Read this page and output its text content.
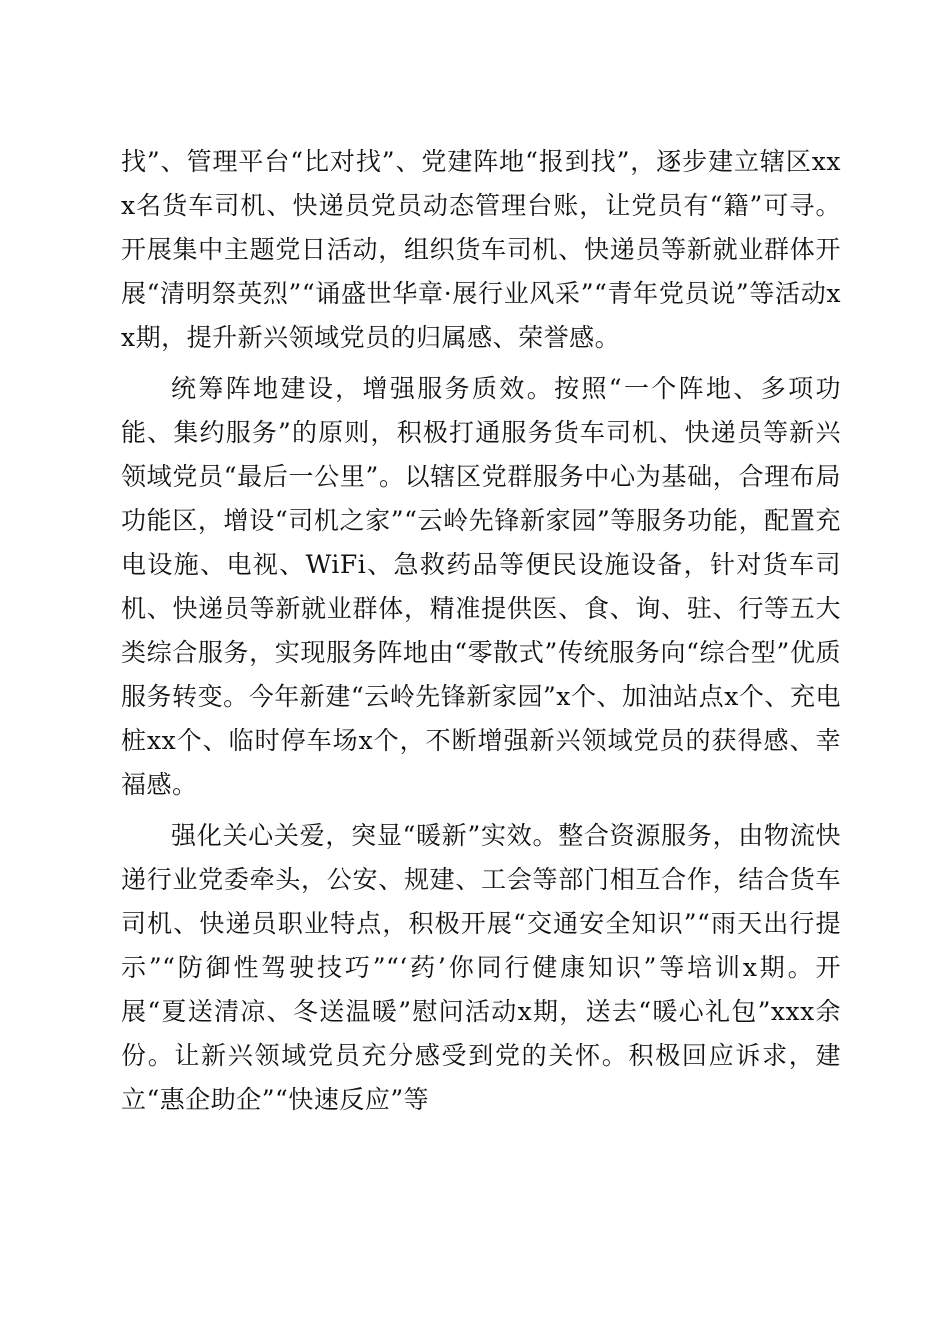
找”、管理平台“比对找”、党建阵地“报到找”，逐步建立辖区xxx名货车司机、快递员党员动态管理台账，让党员有“籍”可寻。开展集中主题党日活动，组织货车司机、快递员等新就业群体开展“清明祭英烈”“诵盛世华章·展行业风采”“青年党员说”等活动xx期，提升新兴领域党员的归属感、荣誉感。

统筹阵地建设，增强服务质效。按照“一个阵地、多项功能、集约服务”的原则，积极打通服务货车司机、快递员等新兴领域党员“最后一公里”。以辖区党群服务中心为基础，合理布局功能区，增设“司机之家”“云岭先锋新家园”等服务功能，配置充电设施、电视、WiFi、急救药品等便民设施设备，针对货车司机、快递员等新就业群体，精准提供医、食、询、驻、行等五大类综合服务，实现服务阵地由“零散式”传统服务向“综合型”优质服务转变。今年新建“云岭先锋新家园”x个、加油站点x个、充电桩xx个、临时停车场x个，不断增强新兴领域党员的获得感、幸福感。

强化关心关爱，突显“暖新”实效。整合资源服务，由物流快递行业党委牵头，公安、规建、工会等部门相互合作，结合货车司机、快递员职业特点，积极开展“交通安全知识”“雨天出行提示”“防御性驾驶技巧”“‘药’你同行健康知识”等培训x期。开展“夏送清凉、冬送温暖”慰问活动x期，送去“暖心礼包”xxx余份。让新兴领域党员充分感受到党的关怀。积极回应诉求，建立“惠企助企”“快速反应”等
